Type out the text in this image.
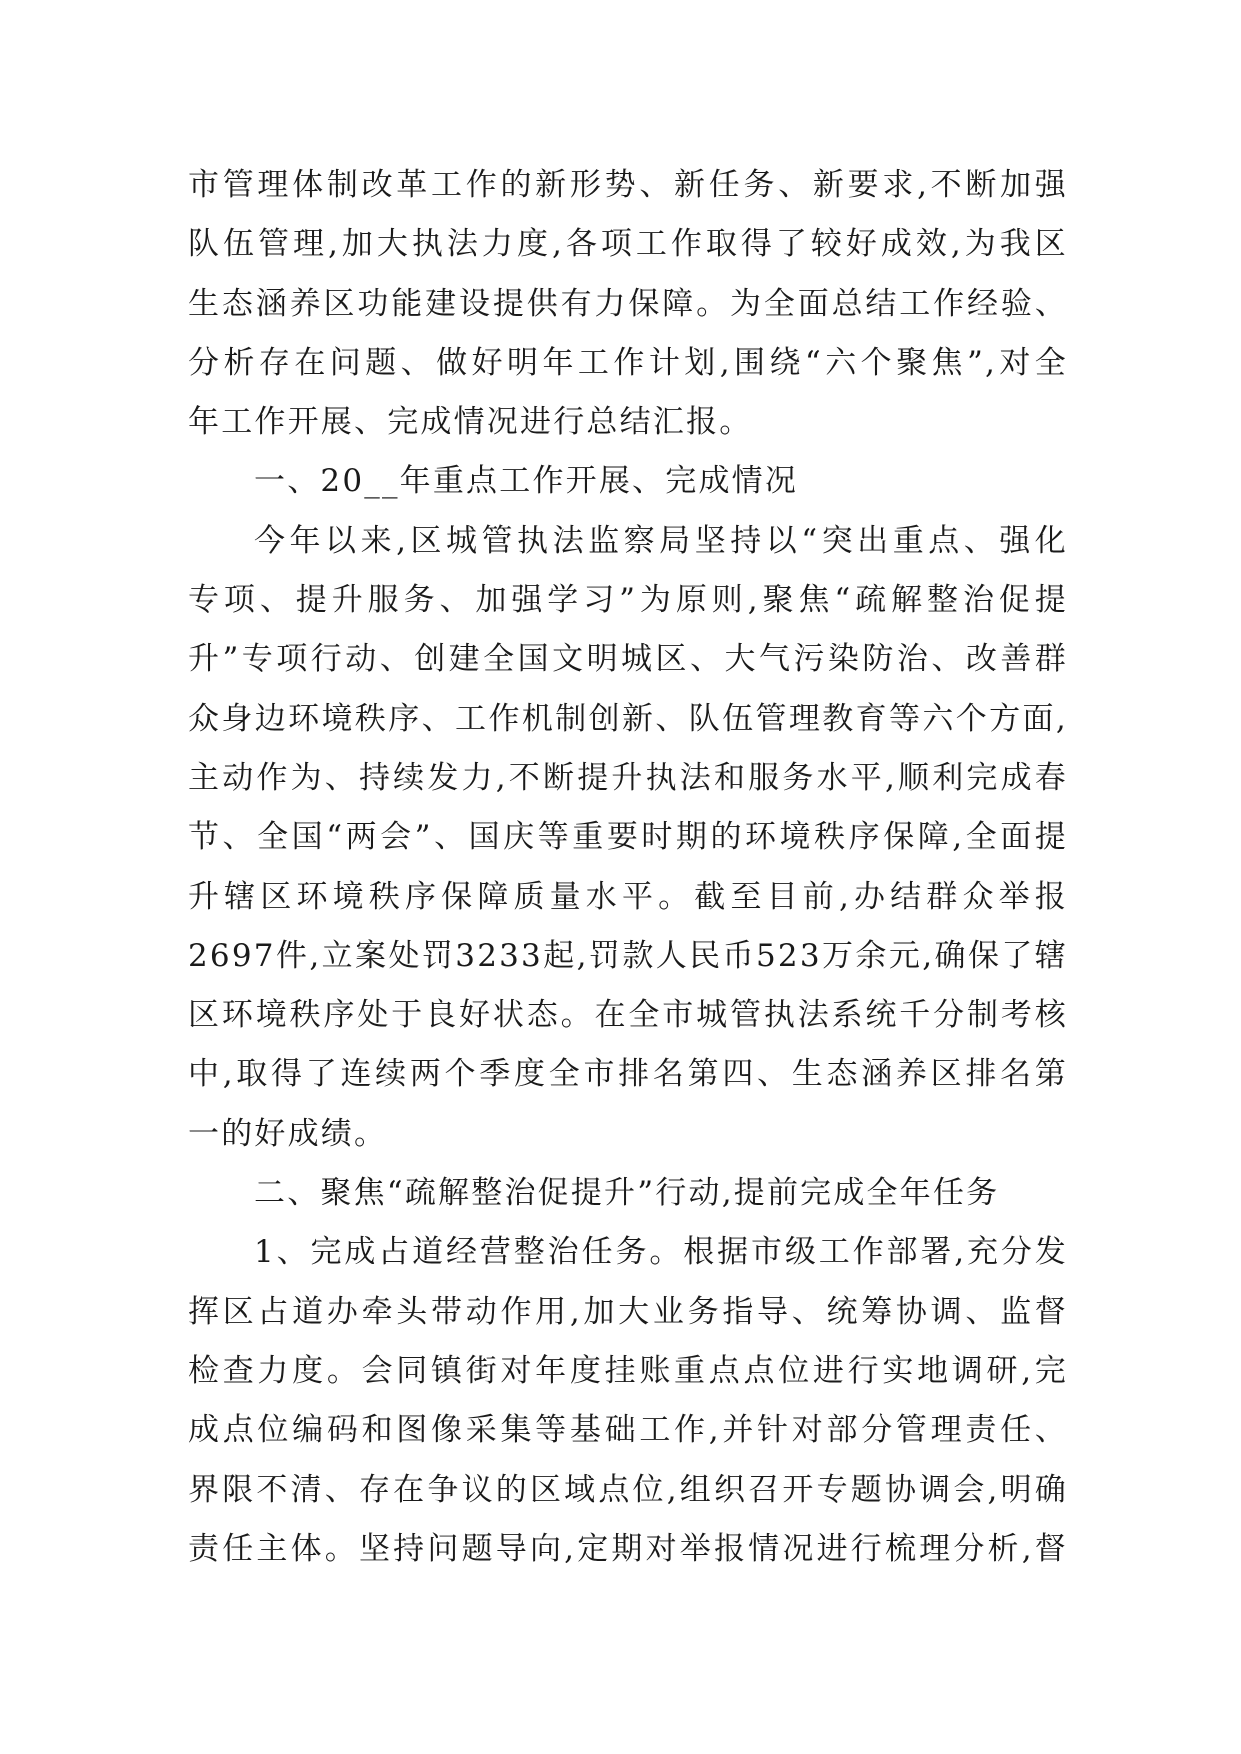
市管理体制改革工作的新形势、新任务、新要求,不断加强
队伍管理,加大执法力度,各项工作取得了较好成效,为我区
生态涵养区功能建设提供有力保障。为全面总结工作经验、
分析存在问题、做好明年工作计划,围绕“六个聚焦”,对全
年工作开展、完成情况进行总结汇报。
一、20__年重点工作开展、完成情况
今年以来,区城管执法监察局坚持以“突出重点、强化
专项、提升服务、加强学习”为原则,聚焦“疏解整治促提
升”专项行动、创建全国文明城区、大气污染防治、改善群
众身边环境秩序、工作机制创新、队伍管理教育等六个方面,
主动作为、持续发力,不断提升执法和服务水平,顺利完成春
节、全国“两会”、国庆等重要时期的环境秩序保障,全面提
升辖区环境秩序保障质量水平。截至目前,办结群众举报
2697件,立案处罚3233起,罚款人民币523万余元,确保了辖
区环境秩序处于良好状态。在全市城管执法系统千分制考核
中,取得了连续两个季度全市排名第四、生态涵养区排名第
一的好成绩。
二、聚焦“疏解整治促提升”行动,提前完成全年任务
1、完成占道经营整治任务。根据市级工作部署,充分发
挥区占道办牵头带动作用,加大业务指导、统筹协调、监督
检查力度。会同镇街对年度挂账重点点位进行实地调研,完
成点位编码和图像采集等基础工作,并针对部分管理责任、
界限不清、存在争议的区域点位,组织召开专题协调会,明确
责任主体。坚持问题导向,定期对举报情况进行梳理分析,督
